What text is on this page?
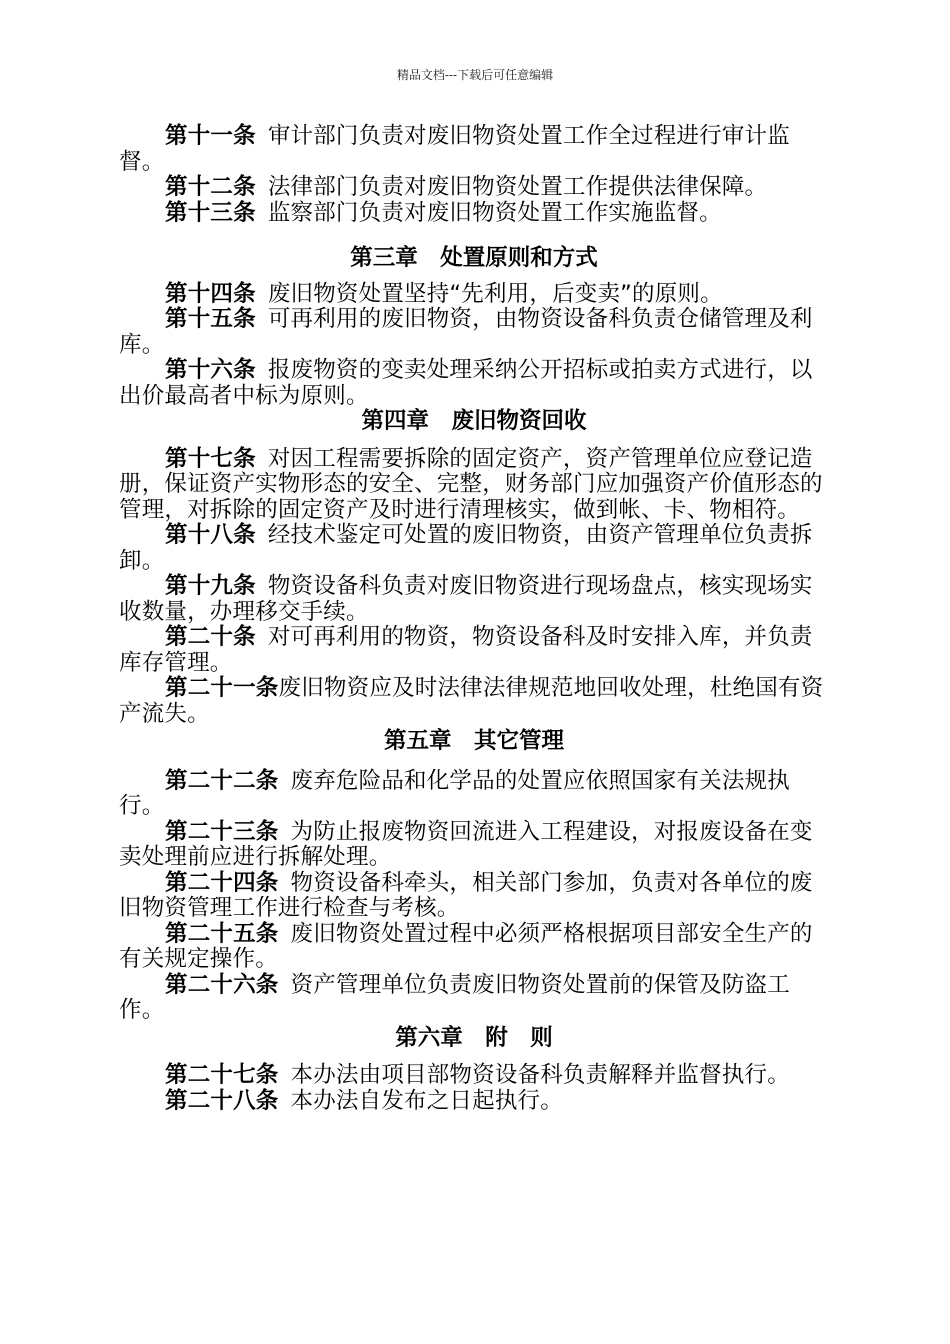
精品文档---下载后可任意编辑

第十一条 审计部门负责对废旧物资处置工作全过程进行审计监督。

第十二条 法律部门负责对废旧物资处置工作提供法律保障。

第十三条 监察部门负责对废旧物资处置工作实施监督。

第三章　处置原则和方式

第十四条 废旧物资处置坚持“先利用，后变卖”的原则。

第十五条 可再利用的废旧物资，由物资设备科负责仓储管理及利库。

第十六条 报废物资的变卖处理采纳公开招标或拍卖方式进行，以出价最高者中标为原则。

第四章　废旧物资回收

第十七条 对因工程需要拆除的固定资产，资产管理单位应登记造册，保证资产实物形态的安全、完整，财务部门应加强资产价值形态的管理，对拆除的固定资产及时进行清理核实，做到帐、卡、物相符。

第十八条 经技术鉴定可处置的废旧物资，由资产管理单位负责拆卸。

第十九条 物资设备科负责对废旧物资进行现场盘点，核实现场实收数量，办理移交手续。

第二十条 对可再利用的物资，物资设备科及时安排入库，并负责库存管理。

第二十一条废旧物资应及时法律法律规范地回收处理，杜绝国有资产流失。

第五章　其它管理

第二十二条 废弃危险品和化学品的处置应依照国家有关法规执行。

第二十三条 为防止报废物资回流进入工程建设，对报废设备在变卖处理前应进行拆解处理。

第二十四条 物资设备科牵头，相关部门参加，负责对各单位的废旧物资管理工作进行检查与考核。

第二十五条 废旧物资处置过程中必须严格根据项目部安全生产的有关规定操作。

第二十六条 资产管理单位负责废旧物资处置前的保管及防盗工作。

第六章　附　则

第二十七条 本办法由项目部物资设备科负责解释并监督执行。

第二十八条 本办法自发布之日起执行。
